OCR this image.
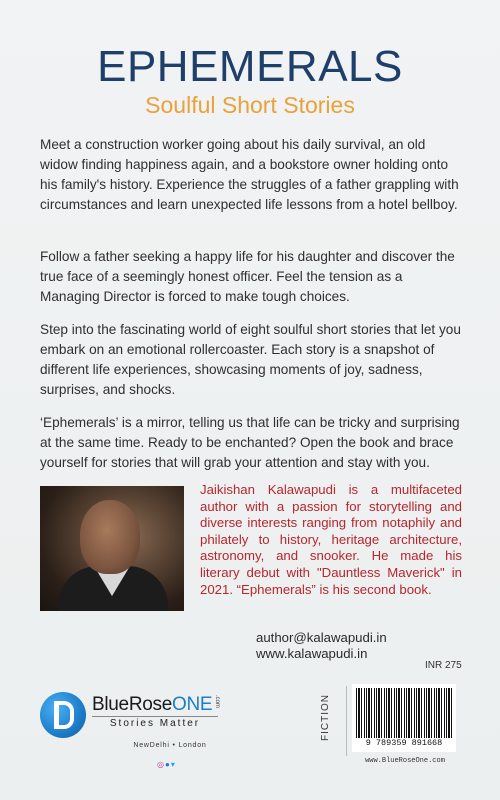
EPHEMERALS
Soulful Short Stories

Meet a construction worker going about his daily survival, an old widow finding happiness again, and a bookstore owner holding onto his family's history. Experience the struggles of a father grappling with circumstances and learn unexpected life lessons from a hotel bellboy.

Follow a father seeking a happy life for his daughter and discover the true face of a seemingly honest officer. Feel the tension as a Managing Director is forced to make tough choices.

Step into the fascinating world of eight soulful short stories that let you embark on an emotional rollercoaster. Each story is a snapshot of different life experiences, showcasing moments of joy, sadness, surprises, and shocks.

‘Ephemerals’ is a mirror, telling us that life can be tricky and surprising at the same time. Ready to be enchanted? Open the book and brace yourself for stories that will grab your attention and stay with you.

Jaikishan Kalawapudi is a multifaceted author with a passion for storytelling and diverse interests ranging from notaphily and philately to history, heritage architecture, astronomy, and snooker. He made his literary debut with "Dauntless Maverick" in 2021. “Ephemerals” is his second book.

author@kalawapudi.in
www.kalawapudi.in
BlueRoseONE .com
Stories Matter
NewDelhi • London
◎●▾
INR 275
FICTION
9 789359 891668
www.BlueRoseOne.com
